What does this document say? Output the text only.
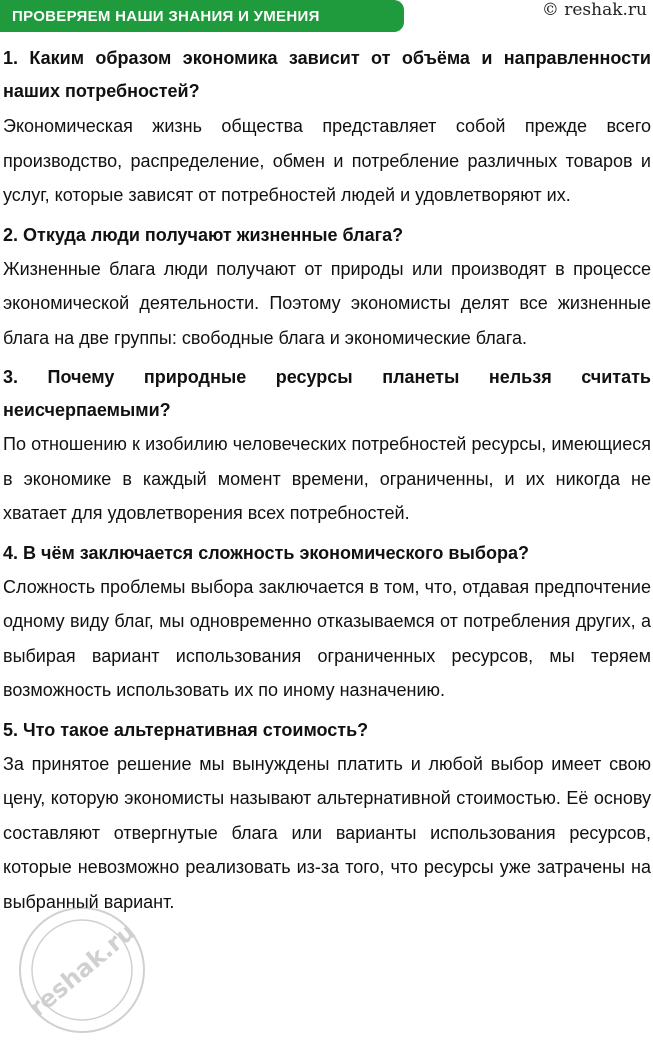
ПРОВЕРЯЕМ НАШИ ЗНАНИЯ И УМЕНИЯ	© reshak.ru

1. Каким образом экономика зависит от объёма и направленности наших потребностей?

Экономическая жизнь общества представляет собой прежде всего производство, распределение, обмен и потребление различных товаров и услуг, которые зависят от потребностей людей и удовлетворяют их.

2. Откуда люди получают жизненные блага?

Жизненные блага люди получают от природы или производят в процессе экономической деятельности. Поэтому экономисты делят все жизненные блага на две группы: свободные блага и экономические блага.

3. Почему природные ресурсы планеты нельзя считать неисчерпаемыми?

По отношению к изобилию человеческих потребностей ресурсы, имеющиеся в экономике в каждый момент времени, ограниченны, и их никогда не хватает для удовлетворения всех потребностей.

4. В чём заключается сложность экономического выбора?

Сложность проблемы выбора заключается в том, что, отдавая предпочтение одному виду благ, мы одновременно отказываемся от потребления других, а выбирая вариант использования ограниченных ресурсов, мы теряем возможность использовать их по иному назначению.

5. Что такое альтернативная стоимость?

За принятое решение мы вынуждены платить и любой выбор имеет свою цену, которую экономисты называют альтернативной стоимостью. Её основу составляют отвергнутые блага или варианты использования ресурсов, которые невозможно реализовать из-за того, что ресурсы уже затрачены на выбранный вариант.

reshak.ru
